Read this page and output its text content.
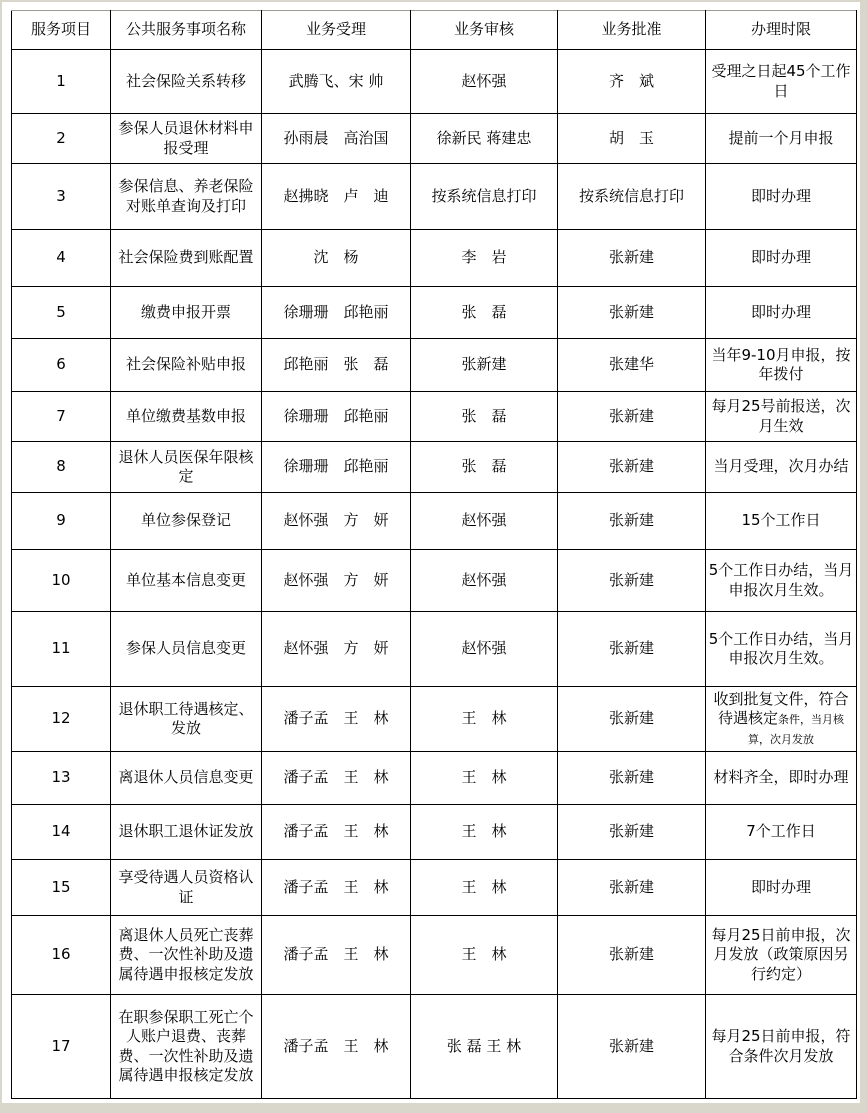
服务项目	公共服务事项名称	业务受理	业务审核	业务批准	办理时限
1	社会保险关系转移	武腾飞、宋 帅	赵怀强	齐　斌	受理之日起45个工作日
2	参保人员退休材料申报受理	孙雨晨　高治国	徐新民 蒋建忠	胡　玉	提前一个月申报
3	参保信息、养老保险对账单查询及打印	赵拂晓　卢　迪	按系统信息打印	按系统信息打印	即时办理
4	社会保险费到账配置	沈　杨	李　岩	张新建	即时办理
5	缴费申报开票	徐珊珊　邱艳丽	张　磊	张新建	即时办理
6	社会保险补贴申报	邱艳丽　张　磊	张新建	张建华	当年9-10月申报，按年拨付
7	单位缴费基数申报	徐珊珊　邱艳丽	张　磊	张新建	每月25号前报送，次月生效
8	退休人员医保年限核定	徐珊珊　邱艳丽	张　磊	张新建	当月受理，次月办结
9	单位参保登记	赵怀强　方　妍	赵怀强	张新建	15个工作日
10	单位基本信息变更	赵怀强　方　妍	赵怀强	张新建	5个工作日办结，当月申报次月生效。
11	参保人员信息变更	赵怀强　方　妍	赵怀强	张新建	5个工作日办结，当月申报次月生效。
12	退休职工待遇核定、发放	潘子孟　王　林	王　林	张新建	收到批复文件，符合待遇核定条件，当月核算，次月发放
13	离退休人员信息变更	潘子孟　王　林	王　林	张新建	材料齐全，即时办理
14	退休职工退休证发放	潘子孟　王　林	王　林	张新建	7个工作日
15	享受待遇人员资格认证	潘子孟　王　林	王　林	张新建	即时办理
16	离退休人员死亡丧葬费、一次性补助及遗属待遇申报核定发放	潘子孟　王　林	王　林	张新建	每月25日前申报，次月发放（政策原因另行约定）
17	在职参保职工死亡个人账户退费、丧葬费、一次性补助及遗属待遇申报核定发放	潘子孟　王　林	张 磊 王 林	张新建	每月25日前申报，符合条件次月发放
